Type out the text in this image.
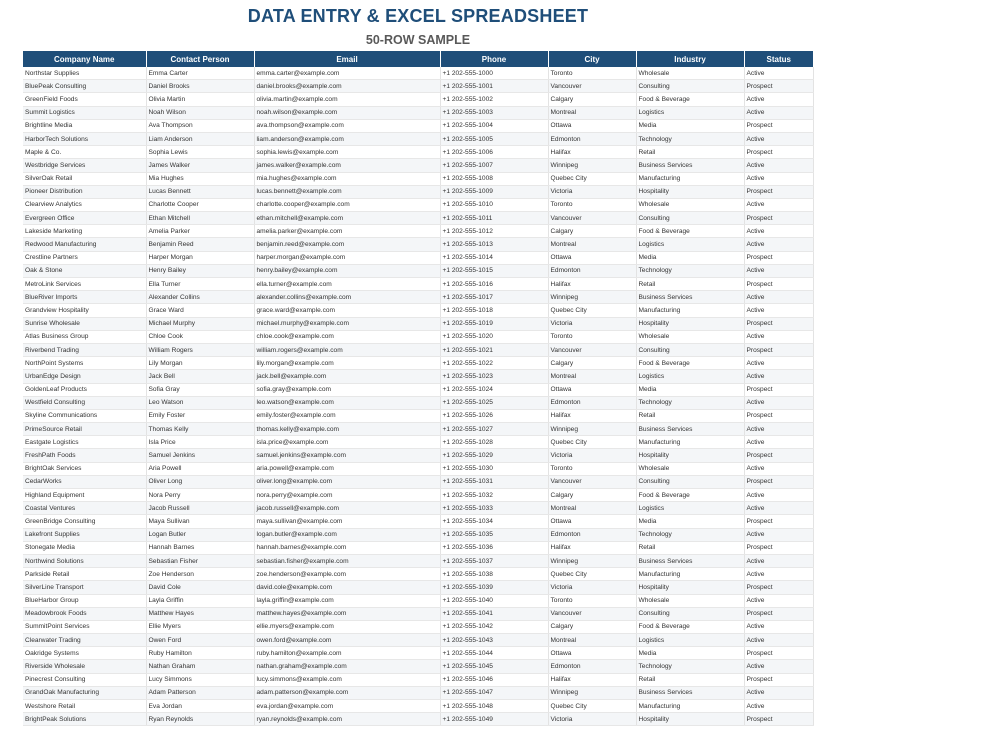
DATA ENTRY & EXCEL SPREADSHEET
50-ROW SAMPLE
Company Name	Contact Person	Email	Phone	City	Industry	Status
Northstar Supplies	Emma Carter	emma.carter@example.com	+1 202-555-1000	Toronto	Wholesale	Active
BluePeak Consulting	Daniel Brooks	daniel.brooks@example.com	+1 202-555-1001	Vancouver	Consulting	Prospect
GreenField Foods	Olivia Martin	olivia.martin@example.com	+1 202-555-1002	Calgary	Food & Beverage	Active
Summit Logistics	Noah Wilson	noah.wilson@example.com	+1 202-555-1003	Montreal	Logistics	Active
Brightline Media	Ava Thompson	ava.thompson@example.com	+1 202-555-1004	Ottawa	Media	Prospect
HarborTech Solutions	Liam Anderson	liam.anderson@example.com	+1 202-555-1005	Edmonton	Technology	Active
Maple & Co.	Sophia Lewis	sophia.lewis@example.com	+1 202-555-1006	Halifax	Retail	Prospect
Westbridge Services	James Walker	james.walker@example.com	+1 202-555-1007	Winnipeg	Business Services	Active
SilverOak Retail	Mia Hughes	mia.hughes@example.com	+1 202-555-1008	Quebec City	Manufacturing	Active
Pioneer Distribution	Lucas Bennett	lucas.bennett@example.com	+1 202-555-1009	Victoria	Hospitality	Prospect
Clearview Analytics	Charlotte Cooper	charlotte.cooper@example.com	+1 202-555-1010	Toronto	Wholesale	Active
Evergreen Office	Ethan Mitchell	ethan.mitchell@example.com	+1 202-555-1011	Vancouver	Consulting	Prospect
Lakeside Marketing	Amelia Parker	amelia.parker@example.com	+1 202-555-1012	Calgary	Food & Beverage	Active
Redwood Manufacturing	Benjamin Reed	benjamin.reed@example.com	+1 202-555-1013	Montreal	Logistics	Active
Crestline Partners	Harper Morgan	harper.morgan@example.com	+1 202-555-1014	Ottawa	Media	Prospect
Oak & Stone	Henry Bailey	henry.bailey@example.com	+1 202-555-1015	Edmonton	Technology	Active
MetroLink Services	Ella Turner	ella.turner@example.com	+1 202-555-1016	Halifax	Retail	Prospect
BlueRiver Imports	Alexander Collins	alexander.collins@example.com	+1 202-555-1017	Winnipeg	Business Services	Active
Grandview Hospitality	Grace Ward	grace.ward@example.com	+1 202-555-1018	Quebec City	Manufacturing	Active
Sunrise Wholesale	Michael Murphy	michael.murphy@example.com	+1 202-555-1019	Victoria	Hospitality	Prospect
Atlas Business Group	Chloe Cook	chloe.cook@example.com	+1 202-555-1020	Toronto	Wholesale	Active
Riverbend Trading	William Rogers	william.rogers@example.com	+1 202-555-1021	Vancouver	Consulting	Prospect
NorthPoint Systems	Lily Morgan	lily.morgan@example.com	+1 202-555-1022	Calgary	Food & Beverage	Active
UrbanEdge Design	Jack Bell	jack.bell@example.com	+1 202-555-1023	Montreal	Logistics	Active
GoldenLeaf Products	Sofia Gray	sofia.gray@example.com	+1 202-555-1024	Ottawa	Media	Prospect
Westfield Consulting	Leo Watson	leo.watson@example.com	+1 202-555-1025	Edmonton	Technology	Active
Skyline Communications	Emily Foster	emily.foster@example.com	+1 202-555-1026	Halifax	Retail	Prospect
PrimeSource Retail	Thomas Kelly	thomas.kelly@example.com	+1 202-555-1027	Winnipeg	Business Services	Active
Eastgate Logistics	Isla Price	isla.price@example.com	+1 202-555-1028	Quebec City	Manufacturing	Active
FreshPath Foods	Samuel Jenkins	samuel.jenkins@example.com	+1 202-555-1029	Victoria	Hospitality	Prospect
BrightOak Services	Aria Powell	aria.powell@example.com	+1 202-555-1030	Toronto	Wholesale	Active
CedarWorks	Oliver Long	oliver.long@example.com	+1 202-555-1031	Vancouver	Consulting	Prospect
Highland Equipment	Nora Perry	nora.perry@example.com	+1 202-555-1032	Calgary	Food & Beverage	Active
Coastal Ventures	Jacob Russell	jacob.russell@example.com	+1 202-555-1033	Montreal	Logistics	Active
GreenBridge Consulting	Maya Sullivan	maya.sullivan@example.com	+1 202-555-1034	Ottawa	Media	Prospect
Lakefront Supplies	Logan Butler	logan.butler@example.com	+1 202-555-1035	Edmonton	Technology	Active
Stonegate Media	Hannah Barnes	hannah.barnes@example.com	+1 202-555-1036	Halifax	Retail	Prospect
Northwind Solutions	Sebastian Fisher	sebastian.fisher@example.com	+1 202-555-1037	Winnipeg	Business Services	Active
Parkside Retail	Zoe Henderson	zoe.henderson@example.com	+1 202-555-1038	Quebec City	Manufacturing	Active
SilverLine Transport	David Cole	david.cole@example.com	+1 202-555-1039	Victoria	Hospitality	Prospect
BlueHarbor Group	Layla Griffin	layla.griffin@example.com	+1 202-555-1040	Toronto	Wholesale	Active
Meadowbrook Foods	Matthew Hayes	matthew.hayes@example.com	+1 202-555-1041	Vancouver	Consulting	Prospect
SummitPoint Services	Ellie Myers	ellie.myers@example.com	+1 202-555-1042	Calgary	Food & Beverage	Active
Clearwater Trading	Owen Ford	owen.ford@example.com	+1 202-555-1043	Montreal	Logistics	Active
Oakridge Systems	Ruby Hamilton	ruby.hamilton@example.com	+1 202-555-1044	Ottawa	Media	Prospect
Riverside Wholesale	Nathan Graham	nathan.graham@example.com	+1 202-555-1045	Edmonton	Technology	Active
Pinecrest Consulting	Lucy Simmons	lucy.simmons@example.com	+1 202-555-1046	Halifax	Retail	Prospect
GrandOak Manufacturing	Adam Patterson	adam.patterson@example.com	+1 202-555-1047	Winnipeg	Business Services	Active
Westshore Retail	Eva Jordan	eva.jordan@example.com	+1 202-555-1048	Quebec City	Manufacturing	Active
BrightPeak Solutions	Ryan Reynolds	ryan.reynolds@example.com	+1 202-555-1049	Victoria	Hospitality	Prospect
